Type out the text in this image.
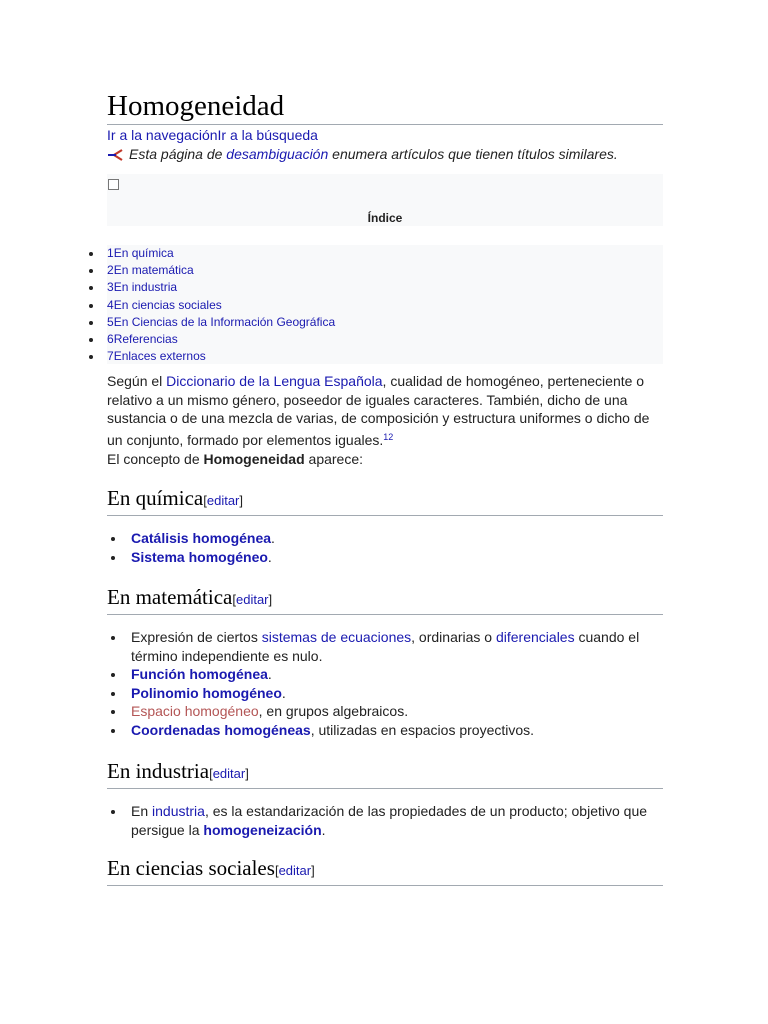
Homogeneidad
Ir a la navegaciónIr a la búsqueda
Esta página de desambiguación enumera artículos que tienen títulos similares.
Índice
1En química
2En matemática
3En industria
4En ciencias sociales
5En Ciencias de la Información Geográfica
6Referencias
7Enlaces externos

Según el Diccionario de la Lengua Española, cualidad de homogéneo, perteneciente o relativo a un mismo género, poseedor de iguales caracteres. También, dicho de una sustancia o de una mezcla de varias, de composición y estructura uniformes o dicho de un conjunto, formado por elementos iguales.$^{12}$

El concepto de Homogeneidad aparece:

En química[editar]
Catálisis homogénea.
Sistema homogéneo.
En matemática[editar]
Expresión de ciertos sistemas de ecuaciones, ordinarias o diferenciales cuando el término independiente es nulo.
Función homogénea.
Polinomio homogéneo.
Espacio homogéneo, en grupos algebraicos.
Coordenadas homogéneas, utilizadas en espacios proyectivos.
En industria[editar]
En industria, es la estandarización de las propiedades de un producto; objetivo que persigue la homogeneización.
En ciencias sociales[editar]
